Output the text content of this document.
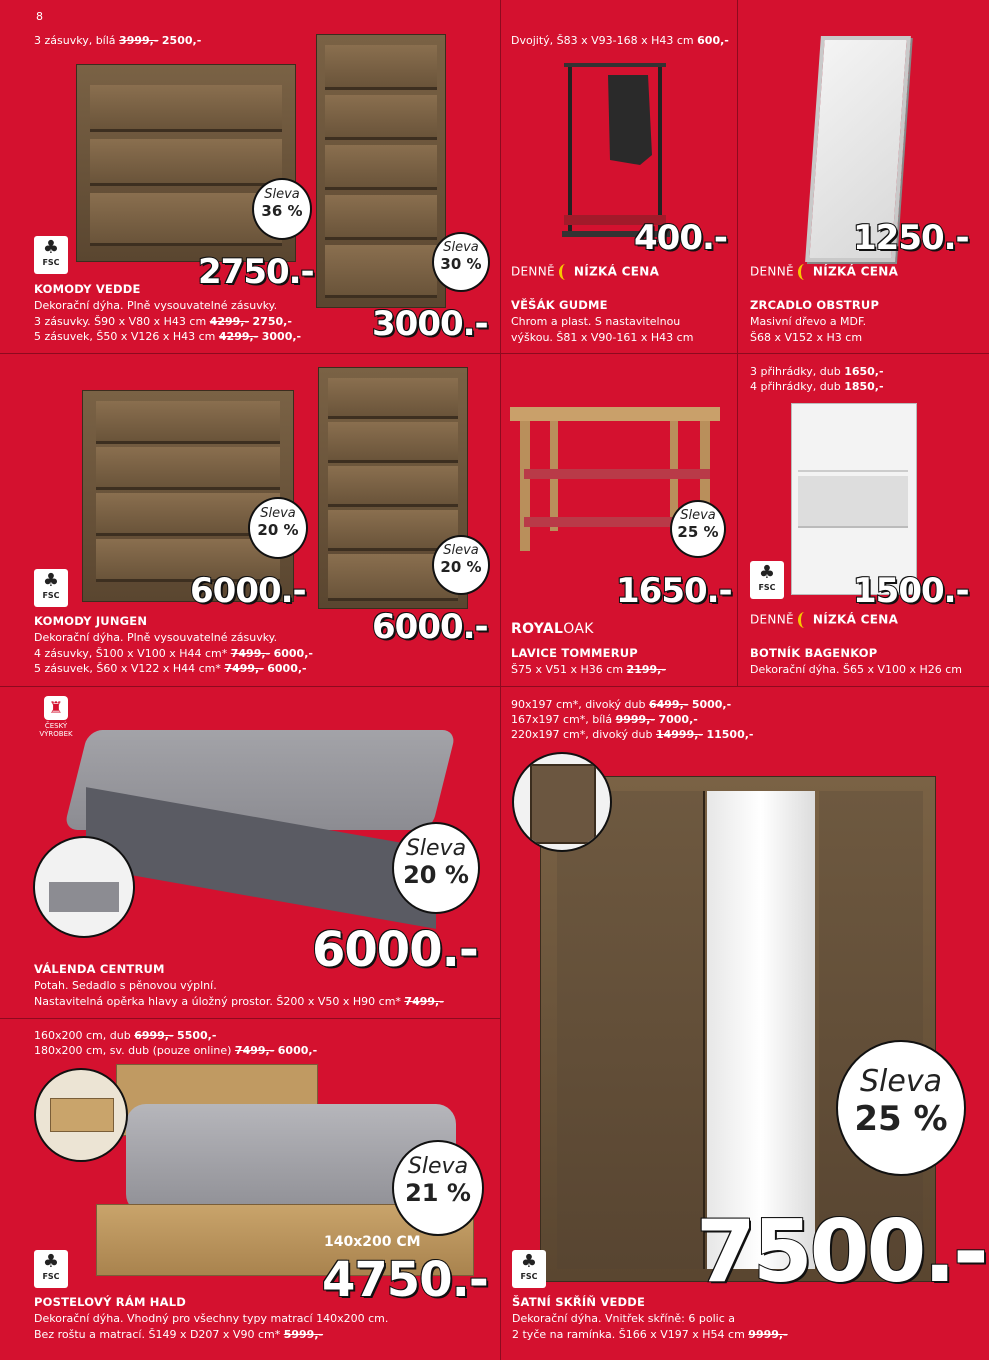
8
3 zásuvky, bílá 3999,- 2500,-
Sleva
36 %
Sleva
30 %
2750.-
3000.-
♣
FSC
KOMODY VEDDE
Dekorační dýha. Plně vysouvatelné zásuvky.
3 zásuvky. Š90 x V80 x H43 cm 4299,- 2750,-
5 zásuvek, Š50 x V126 x H43 cm 4299,- 3000,-
Dvojitý, Š83 x V93-168 x H43 cm 600,-
400.-
DENNĚ NÍZKÁ CENA
VĚŠÁK GUDME
Chrom a plast. S nastavitelnou
výškou. Š81 x V90-161 x H43 cm
1250.-
DENNĚ NÍZKÁ CENA
ZRCADLO OBSTRUP
Masivní dřevo a MDF.
Š68 x V152 x H3 cm
Sleva
20 %
Sleva
20 %
6000.-
6000.-
♣
FSC
KOMODY JUNGEN
Dekorační dýha. Plně vysouvatelné zásuvky.
4 zásuvky, Š100 x V100 x H44 cm* 7499,- 6000,-
5 zásuvek, Š60 x V122 x H44 cm* 7499,- 6000,-
Sleva
25 %
1650.-
ROYALOAK
LAVICE TOMMERUP
Š75 x V51 x H36 cm 2199,-
3 přihrádky, dub 1650,-
4 přihrádky, dub 1850,-
♣
FSC 1500.-
DENNĚ NÍZKÁ CENA
BOTNÍK BAGENKOP
Dekorační dýha. Š65 x V100 x H26 cm
♜
ČESKÝ
VÝROBEK
Sleva
20 %
6000.-
VÁLENDA CENTRUM
Potah. Sedadlo s pěnovou výplní.
Nastavitelná opěrka hlavy a úložný prostor. Š200 x V50 x H90 cm* 7499,-
90x197 cm*, divoký dub 6499,- 5000,-
167x197 cm*, bílá 9999,- 7000,-
220x197 cm*, divoký dub 14999,- 11500,-
Sleva
25 %
7500.-
♣
FSC
ŠATNÍ SKŘÍŇ VEDDE
Dekorační dýha. Vnitřek skříně: 6 polic a
2 tyče na ramínka. Š166 x V197 x H54 cm 9999,-
160x200 cm, dub 6999,- 5500,-
180x200 cm, sv. dub (pouze online) 7499,- 6000,-
Sleva
21 %
140x200 CM
4750.-
♣
FSC
POSTELOVÝ RÁM HALD
Dekorační dýha. Vhodný pro všechny typy matrací 140x200 cm.
Bez roštu a matrací. Š149 x D207 x V90 cm* 5999,-
